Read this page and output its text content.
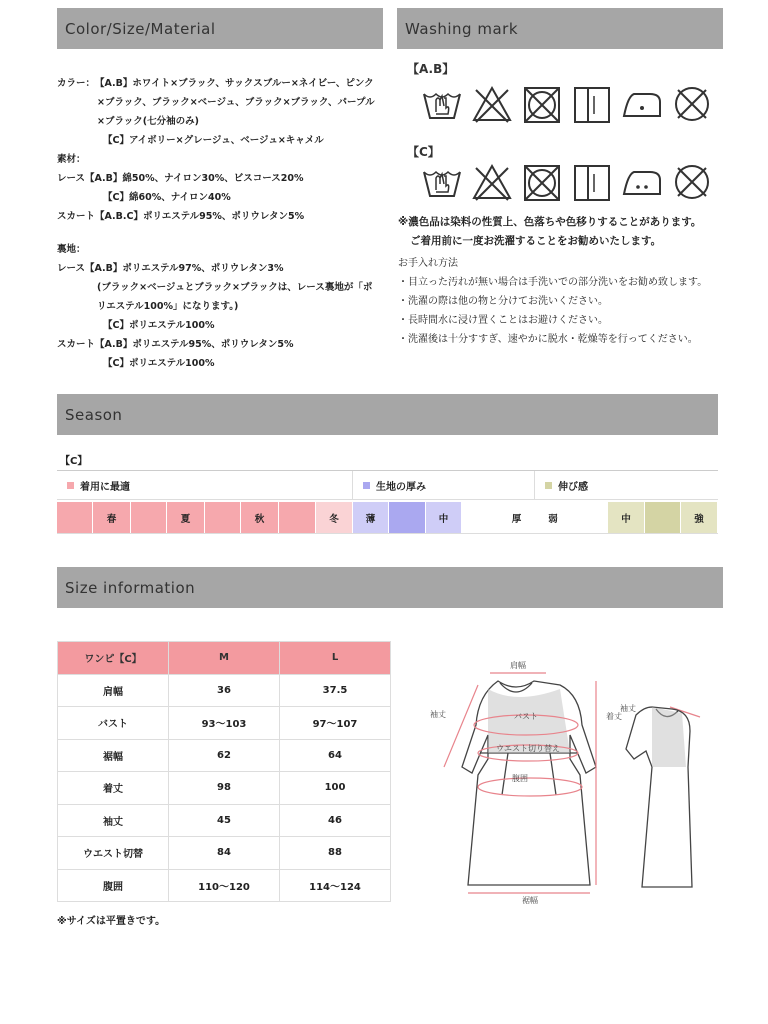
Color/Size/Material	Washing mark
Season
Size information
カラー： 【A.B】ホワイト×ブラック、サックスブルー×ネイビー、ピンク
×ブラック、ブラック×ベージュ、ブラック×ブラック、パープル
×ブラック(七分袖のみ)
【C】アイボリー×グレージュ、ベージュ×キャメル
素材：
レース 【A.B】綿50%、ナイロン30%、ビスコース20%
【C】綿60%、ナイロン40%
スカート 【A.B.C】ポリエステル95%、ポリウレタン5%
裏地：
レース 【A.B】ポリエステル97%、ポリウレタン3%
(ブラック×ベージュとブラック×ブラックは、レース裏地が「ポ
リエステル100%」になります。)
【C】ポリエステル100%
スカート 【A.B】ポリエステル95%、ポリウレタン5%
【C】ポリエステル100%
【A.B】
【C】
※濃色品は染料の性質上、色落ちや色移りすることがあります。
ご着用前に一度お洗濯することをお勧めいたします。
お手入れ方法
・目立った汚れが無い場合は手洗いでの部分洗いをお勧め致します。
・洗濯の際は他の物と分けてお洗いください。
・長時間水に浸け置くことはお避けください。
・洗濯後は十分すすぎ、速やかに脱水・乾燥等を行ってください。
【C】
着用に最適	生地の厚み	伸び感
春	夏	秋	冬	薄	中	厚	弱	中	強
ワンピ【C】	M	L
肩幅	36	37.5
バスト	93～103	97～107
裾幅	62	64
着丈	98	100
袖丈	45	46
ウエスト切替	84	88
腹囲	110～120	114～124
※サイズは平置きです。
肩幅
袖丈	バスト	着丈
ウエスト切り替え
腹囲
裾幅
袖丈
